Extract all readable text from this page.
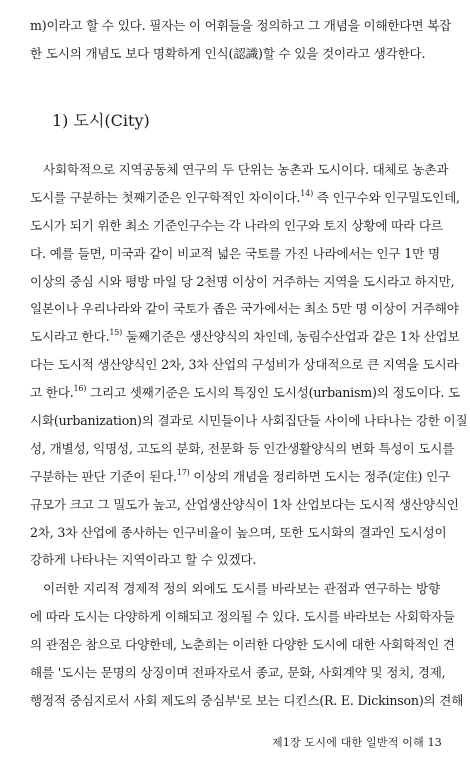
m)이라고 할 수 있다. 필자는 이 어휘들을 정의하고 그 개념을 이해한다면 복잡
한 도시의 개념도 보다 명확하게 인식(認識)할 수 있을 것이라고 생각한다.
1) 도시(City)
사회학적으로 지역공동체 연구의 두 단위는 농촌과 도시이다. 대체로 농촌과
도시를 구분하는 첫째기준은 인구학적인 차이이다.$^{14)}$ 즉 인구수와 인구밀도인데,
도시가 되기 위한 최소 기준인구수는 각 나라의 인구와 토지 상황에 따라 다르
다. 예를 들면, 미국과 같이 비교적 넓은 국토를 가진 나라에서는 인구 1만 명
이상의 중심 시와 평방 마일 당 2천명 이상이 거주하는 지역을 도시라고 하지만,
일본이나 우리나라와 같이 국토가 좁은 국가에서는 최소 5만 명 이상이 거주해야
도시라고 한다.$^{15)}$ 둘째기준은 생산양식의 차인데, 농림수산업과 같은 1차 산업보
다는 도시적 생산양식인 2차, 3차 산업의 구성비가 상대적으로 큰 지역을 도시라
고 한다.$^{16)}$ 그리고 셋째기준은 도시의 특징인 도시성(urbanism)의 정도이다. 도
시화(urbanization)의 결과로 시민들이나 사회집단들 사이에 나타나는 강한 이질
성, 개별성, 익명성, 고도의 분화, 전문화 등 인간생활양식의 변화 특성이 도시를
구분하는 판단 기준이 된다.$^{17)}$ 이상의 개념을 정리하면 도시는 정주(定住) 인구
규모가 크고 그 밀도가 높고, 산업생산양식이 1차 산업보다는 도시적 생산양식인
2차, 3차 산업에 종사하는 인구비율이 높으며, 또한 도시화의 결과인 도시성이
강하게 나타나는 지역이라고 할 수 있겠다.
이러한 지리적 경제적 정의 외에도 도시를 바라보는 관점과 연구하는 방향
에 따라 도시는 다양하게 이해되고 정의될 수 있다. 도시를 바라보는 사회학자들
의 관점은 참으로 다양한데, 노춘희는 이러한 다양한 도시에 대한 사회학적인 견
해를 '도시는 문명의 상징이며 전파자로서 종교, 문화, 사회계약 및 정치, 경제,
행정적 중심지로서 사회 제도의 중심부'로 보는 디킨스(R. E. Dickinson)의 견해
제1장 도시에 대한 일반적 이해 13
